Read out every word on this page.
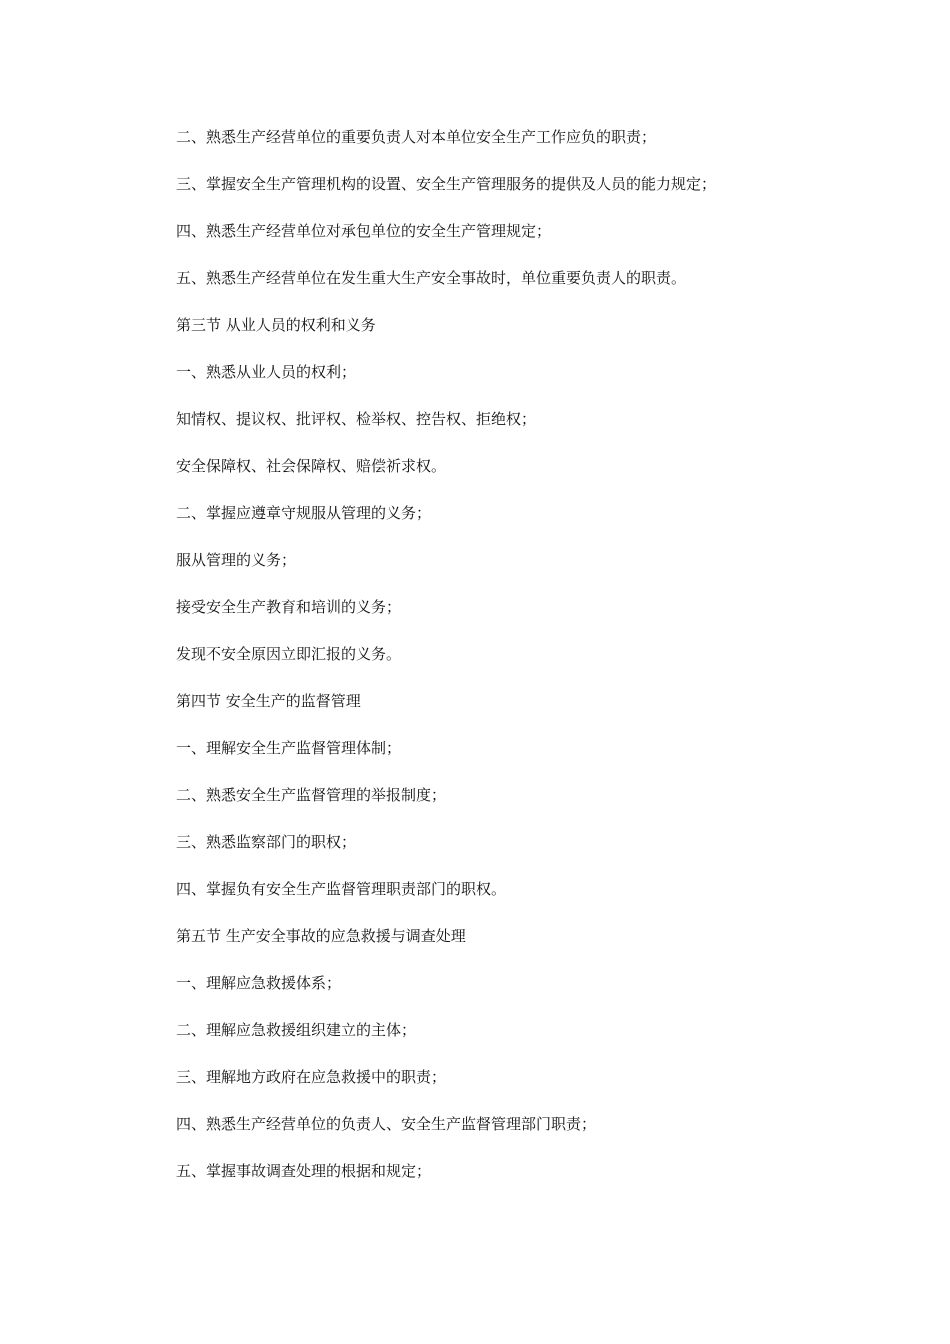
二、熟悉生产经营单位的重要负责人对本单位安全生产工作应负的职责；
三、掌握安全生产管理机构的设置、安全生产管理服务的提供及人员的能力规定；
四、熟悉生产经营单位对承包单位的安全生产管理规定；
五、熟悉生产经营单位在发生重大生产安全事故时，单位重要负责人的职责。
第三节 从业人员的权利和义务
一、熟悉从业人员的权利；
知情权、提议权、批评权、检举权、控告权、拒绝权；
安全保障权、社会保障权、赔偿祈求权。
二、掌握应遵章守规服从管理的义务；
服从管理的义务；
接受安全生产教育和培训的义务；
发现不安全原因立即汇报的义务。
第四节 安全生产的监督管理
一、理解安全生产监督管理体制；
二、熟悉安全生产监督管理的举报制度；
三、熟悉监察部门的职权；
四、掌握负有安全生产监督管理职责部门的职权。
第五节 生产安全事故的应急救援与调查处理
一、理解应急救援体系；
二、理解应急救援组织建立的主体；
三、理解地方政府在应急救援中的职责；
四、熟悉生产经营单位的负责人、安全生产监督管理部门职责；
五、掌握事故调查处理的根据和规定；
